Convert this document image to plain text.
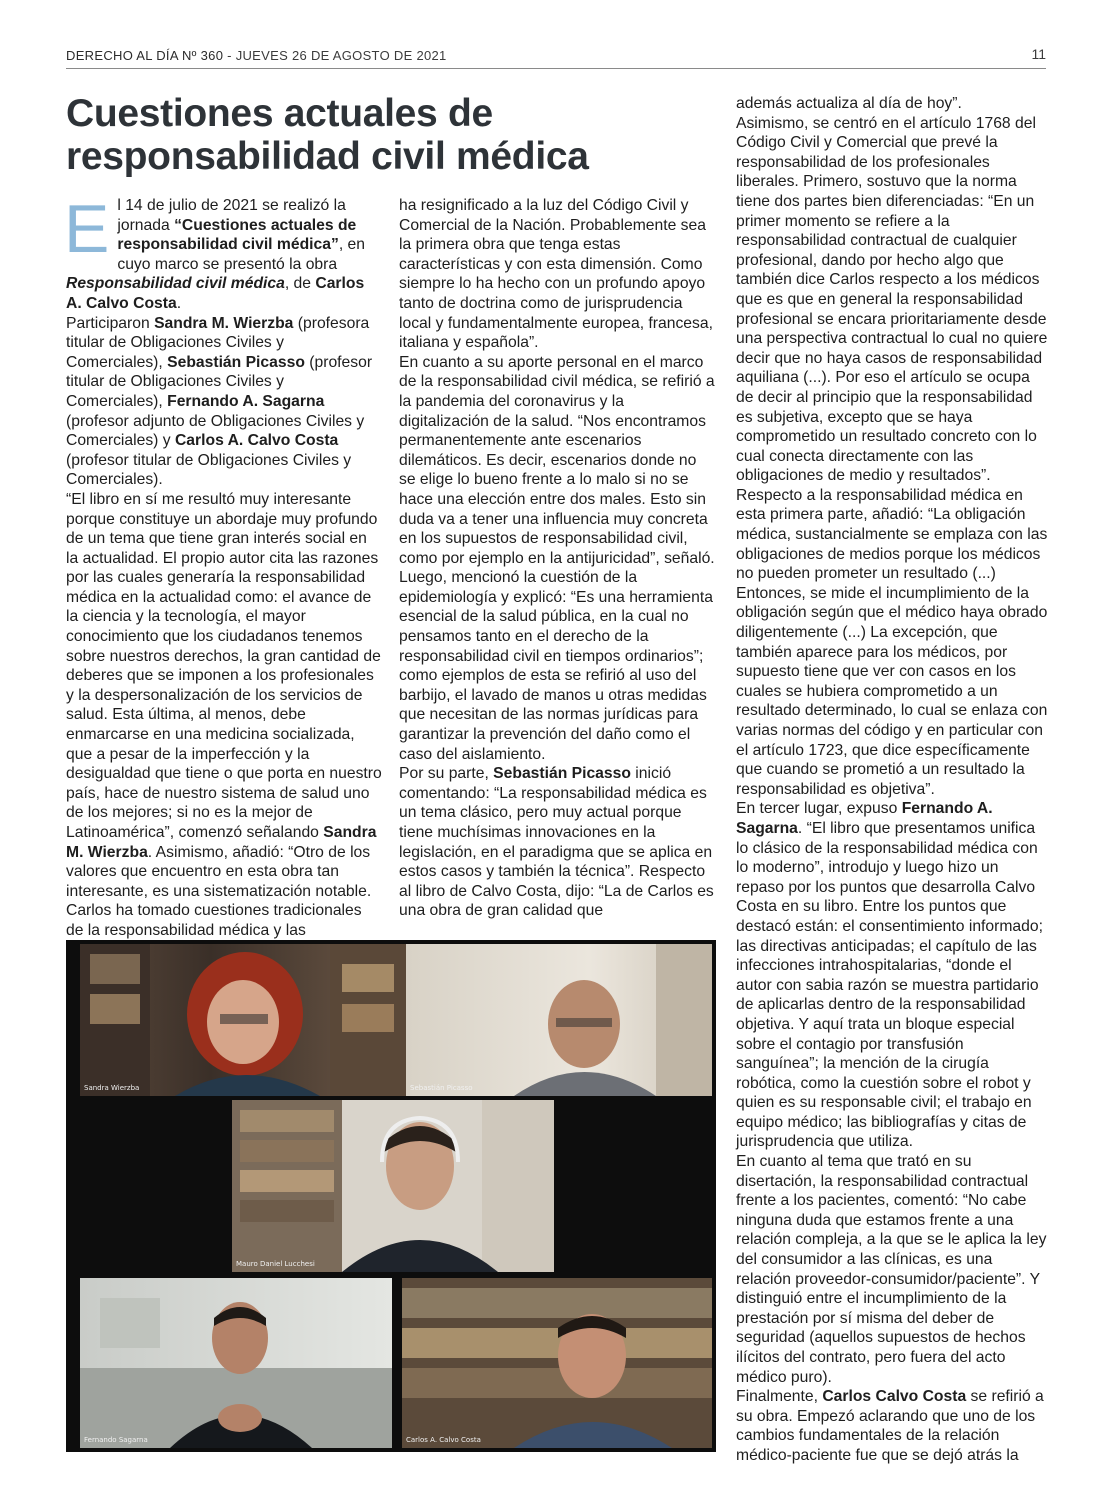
DERECHO AL DÍA Nº 360 - JUEVES 26 DE AGOSTO DE 2021	11
Cuestiones actuales de responsabilidad civil médica
E l 14 de julio de 2021 se realizó la jornada “Cuestiones actuales de responsabilidad civil médica”, en cuyo marco se presentó la obra Responsabilidad civil médica, de Carlos A. Calvo Costa.

Participaron Sandra M. Wierzba (profesora titular de Obligaciones Civiles y Comerciales), Sebastián Picasso (profesor titular de Obligaciones Civiles y Comerciales), Fernando A. Sagarna (profesor adjunto de Obligaciones Civiles y Comerciales) y Carlos A. Calvo Costa (profesor titular de Obligaciones Civiles y Comerciales).

“El libro en sí me resultó muy interesante porque constituye un abordaje muy profundo de un tema que tiene gran interés social en la actualidad. El propio autor cita las razones por las cuales generaría la responsabilidad médica en la actualidad como: el avance de la ciencia y la tecnología, el mayor conocimiento que los ciudadanos tenemos sobre nuestros derechos, la gran cantidad de deberes que se imponen a los profesionales y la despersonalización de los servicios de salud. Esta última, al menos, debe enmarcarse en una medicina socializada, que a pesar de la imperfección y la desigualdad que tiene o que porta en nuestro país, hace de nuestro sistema de salud uno de los mejores; si no es la mejor de Latinoamérica”, comenzó señalando Sandra M. Wierzba. Asimismo, añadió: “Otro de los valores que encuentro en esta obra tan interesante, es una sistematización notable. Carlos ha tomado cuestiones tradicionales de la responsabilidad médica y las

ha resignificado a la luz del Código Civil y Comercial de la Nación. Probablemente sea la primera obra que tenga estas características y con esta dimensión. Como siempre lo ha hecho con un profundo apoyo tanto de doctrina como de jurisprudencia local y fundamentalmente europea, francesa, italiana y española”.

En cuanto a su aporte personal en el marco de la responsabilidad civil médica, se refirió a la pandemia del coronavirus y la digitalización de la salud. “Nos encontramos permanentemente ante escenarios dilemáticos. Es decir, escenarios donde no se elige lo bueno frente a lo malo si no se hace una elección entre dos males. Esto sin duda va a tener una influencia muy concreta en los supuestos de responsabilidad civil, como por ejemplo en la antijuricidad”, señaló. Luego, mencionó la cuestión de la epidemiología y explicó: “Es una herramienta esencial de la salud pública, en la cual no pensamos tanto en el derecho de la responsabilidad civil en tiempos ordinarios”; como ejemplos de esta se refirió al uso del barbijo, el lavado de manos u otras medidas que necesitan de las normas jurídicas para garantizar la prevención del daño como el caso del aislamiento.

Por su parte, Sebastián Picasso inició comentando: “La responsabilidad médica es un tema clásico, pero muy actual porque tiene muchísimas innovaciones en la legislación, en el paradigma que se aplica en estos casos y también la técnica”. Respecto al libro de Calvo Costa, dijo: “La de Carlos es una obra de gran calidad que

además actualiza al día de hoy”.

Asimismo, se centró en el artículo 1768 del Código Civil y Comercial que prevé la responsabilidad de los profesionales liberales. Primero, sostuvo que la norma tiene dos partes bien diferenciadas: “En un primer momento se refiere a la responsabilidad contractual de cualquier profesional, dando por hecho algo que también dice Carlos respecto a los médicos que es que en general la responsabilidad profesional se encara prioritariamente desde una perspectiva contractual lo cual no quiere decir que no haya casos de responsabilidad aquiliana (...). Por eso el artículo se ocupa de decir al principio que la responsabilidad es subjetiva, excepto que se haya comprometido un resultado concreto con lo cual conecta directamente con las obligaciones de medio y resultados”.

Respecto a la responsabilidad médica en esta primera parte, añadió: “La obligación médica, sustancialmente se emplaza con las obligaciones de medios porque los médicos no pueden prometer un resultado (...) Entonces, se mide el incumplimiento de la obligación según que el médico haya obrado diligentemente (...) La excepción, que también aparece para los médicos, por supuesto tiene que ver con casos en los cuales se hubiera comprometido a un resultado determinado, lo cual se enlaza con varias normas del código y en particular con el artículo 1723, que dice específicamente que cuando se prometió a un resultado la responsabilidad es objetiva”.

En tercer lugar, expuso Fernando A. Sagarna. “El libro que presentamos unifica lo clásico de la responsabilidad médica con lo moderno”, introdujo y luego hizo un repaso por los puntos que desarrolla Calvo Costa en su libro. Entre los puntos que destacó están: el consentimiento informado; las directivas anticipadas; el capítulo de las infecciones intrahospitalarias, “donde el autor con sabia razón se muestra partidario de aplicarlas dentro de la responsabilidad objetiva. Y aquí trata un bloque especial sobre el contagio por transfusión sanguínea”; la mención de la cirugía robótica, como la cuestión sobre el robot y quien es su responsable civil; el trabajo en equipo médico; las bibliografías y citas de jurisprudencia que utiliza.

En cuanto al tema que trató en su disertación, la responsabilidad contractual frente a los pacientes, comentó: “No cabe ninguna duda que estamos frente a una relación compleja, a la que se le aplica la ley del consumidor a las clínicas, es una relación proveedor-consumidor/paciente”. Y distinguió entre el incumplimiento de la prestación por sí misma del deber de seguridad (aquellos supuestos de hechos ilícitos del contrato, pero fuera del acto médico puro).

Finalmente, Carlos Calvo Costa se refirió a su obra. Empezó aclarando que uno de los cambios fundamentales de la relación médico-paciente fue que se dejó atrás la

Sandra Wierzba	Sebastián Picasso
Mauro Daniel Lucchesi
Fernando Sagarna	Carlos A. Calvo Costa
